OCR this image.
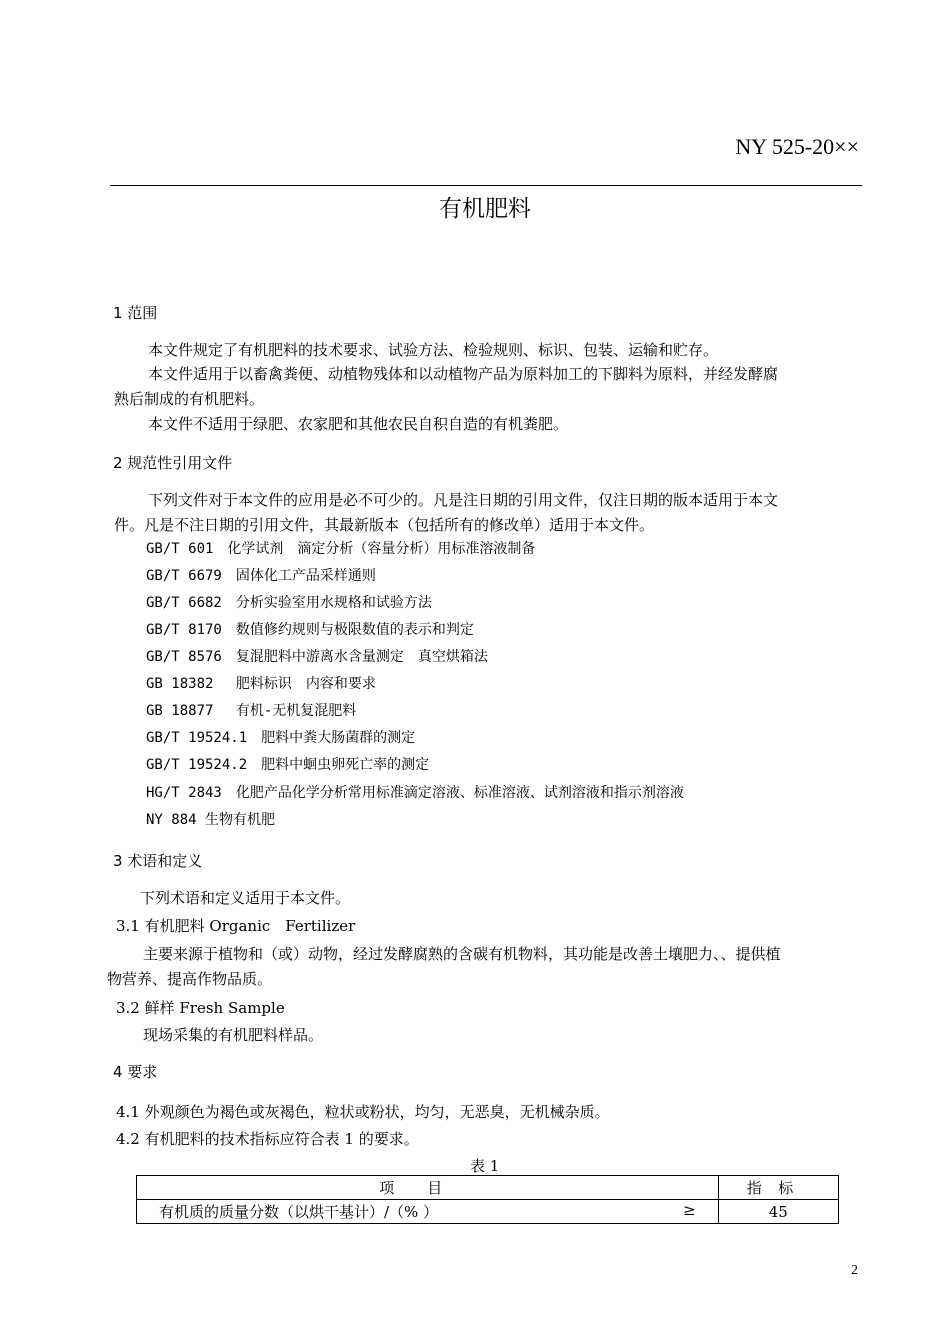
NY 525-20××
有机肥料
1 范围
本文件规定了有机肥料的技术要求、试验方法、检验规则、标识、包装、运输和贮存。
本文件适用于以畜禽粪便、动植物残体和以动植物产品为原料加工的下脚料为原料，并经发酵腐
熟后制成的有机肥料。
本文件不适用于绿肥、农家肥和其他农民自积自造的有机粪肥。
2 规范性引用文件
下列文件对于本文件的应用是必不可少的。凡是注日期的引用文件，仅注日期的版本适用于本文
件。凡是不注日期的引用文件，其最新版本（包括所有的修改单）适用于本文件。
GB/T 601　化学试剂　滴定分析（容量分析）用标准溶液制备
GB/T 6679　固体化工产品采样通则
GB/T 6682　分析实验室用水规格和试验方法
GB/T 8170　数值修约规则与极限数值的表示和判定
GB/T 8576　复混肥料中游离水含量测定　真空烘箱法
GB 18382　 肥料标识　内容和要求
GB 18877　 有机-无机复混肥料
GB/T 19524.1　肥料中粪大肠菌群的测定
GB/T 19524.2　肥料中蛔虫卵死亡率的测定
HG/T 2843　化肥产品化学分析常用标准滴定溶液、标准溶液、试剂溶液和指示剂溶液
NY 884 生物有机肥
3 术语和定义
下列术语和定义适用于本文件。
3.1 有机肥料 Organic　Fertilizer
主要来源于植物和（或）动物，经过发酵腐熟的含碳有机物料，其功能是改善土壤肥力、、提供植
物营养、提高作物品质。
3.2 鲜样 Fresh Sample
现场采集的有机肥料样品。
4 要求
4.1 外观颜色为褐色或灰褐色，粒状或粉状，均匀，无恶臭，无机械杂质。
4.2 有机肥料的技术指标应符合表 1 的要求。
表 1
项目	指标
有机质的质量分数（以烘干基计）/（% ） ≥	45
2
